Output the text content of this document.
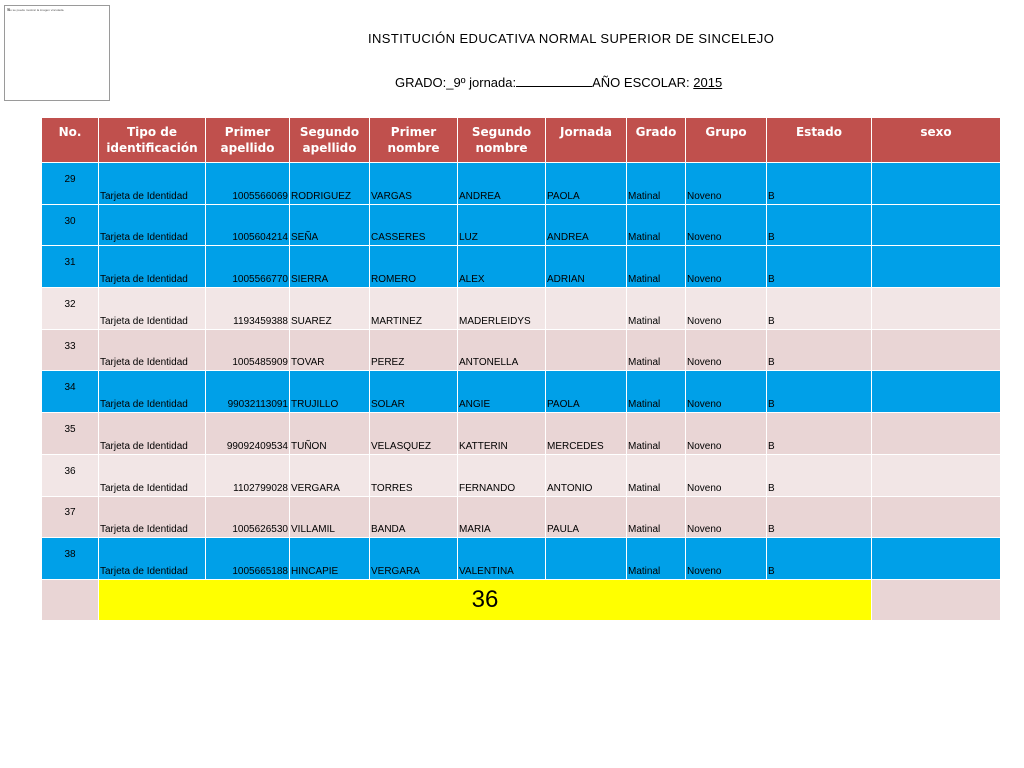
No se puede mostrar la imagen vinculada.
INSTITUCIÓN EDUCATIVA NORMAL SUPERIOR DE SINCELEJO
GRADO:_9º jornada:	AÑO ESCOLAR: 2015
No.	Tipo de identificación	Primer apellido	Segundo apellido	Primer nombre	Segundo nombre	Jornada	Grado	Grupo	Estado	sexo	
29	Tarjeta de Identidad	1005566069	RODRIGUEZ	VARGAS	ANDREA	PAOLA	Matinal	Noveno	B		
30	Tarjeta de Identidad	1005604214	SEÑA	CASSERES	LUZ	ANDREA	Matinal	Noveno	B		
31	Tarjeta de Identidad	1005566770	SIERRA	ROMERO	ALEX	ADRIAN	Matinal	Noveno	B		
32	Tarjeta de Identidad	1193459388	SUAREZ	MARTINEZ	MADERLEIDYS		Matinal	Noveno	B		
33	Tarjeta de Identidad	1005485909	TOVAR	PEREZ	ANTONELLA		Matinal	Noveno	B		
34	Tarjeta de Identidad	99032113091	TRUJILLO	SOLAR	ANGIE	PAOLA	Matinal	Noveno	B		
35	Tarjeta de Identidad	99092409534	TUÑON	VELASQUEZ	KATTERIN	MERCEDES	Matinal	Noveno	B		
36	Tarjeta de Identidad	1102799028	VERGARA	TORRES	FERNANDO	ANTONIO	Matinal	Noveno	B		
37	Tarjeta de Identidad	1005626530	VILLAMIL	BANDA	MARIA	PAULA	Matinal	Noveno	B		
38	Tarjeta de Identidad	1005665188	HINCAPIE	VERGARA	VALENTINA		Matinal	Noveno	B		
	36										
